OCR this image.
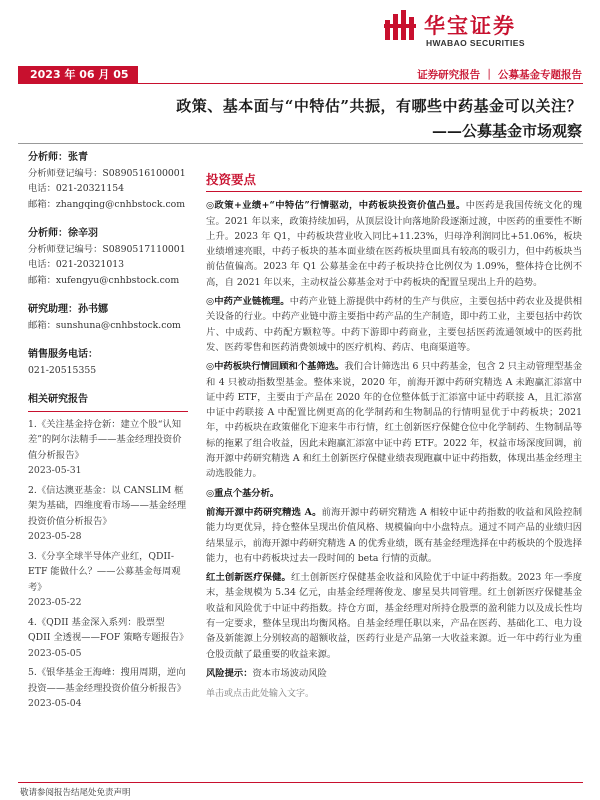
华宝证券
HWABAO SECURITIES
2023 年 06 月 05 日
证券研究报告 ｜ 公募基金专题报告
政策、基本面与“中特估”共振，有哪些中药基金可以关注？
——公募基金市场观察
分析师：张青
分析师登记编号：S0890516100001
电话：021-20321154
邮箱：zhangqing@cnhbstock.com
分析师：徐辛羽
分析师登记编号：S0890517110001
电话：021-20321013
邮箱：xufengyu@cnhbstock.com
研究助理：孙书娜
邮箱：sunshuna@cnhbstock.com
销售服务电话：
021-20515355
相关研究报告
1.《关注基金持仓新：建立个股“认知差”的阿尔法精手——基金经理投资价值分析报告》
2023-05-31
2.《信达澳亚基金：以 CANSLIM 框架为基础，四维度看市场——基金经理投资价值分析报告》
2023-05-28
3.《分享全球半导体产业红，QDII-ETF 能做什么？——公募基金每周观考》
2023-05-22
4.《QDII 基金深入系列：股票型 QDII 全透视——FOF 策略专题报告》
2023-05-05
5.《银华基金王海峰：搜用周期，逆向投资——基金经理投资价值分析报告》
2023-05-04
投资要点
◎政策+业绩+“中特估”行情驱动，中药板块投资价值凸显。中医药是我国传统文化的瑰宝。2021 年以来，政策持续加码，从顶层设计向落地阶段逐渐过渡，中医药的重要性不断上升。2023 年 Q1，中药板块营业收入同比+11.23%，归母净利润同比+51.06%，板块业绩增速亮眼，中药子板块的基本面业绩在医药板块里面具有较高的吸引力，但中药板块当前估值偏高。2023 年 Q1 公募基金在中药子板块持仓比例仅为 1.09%，整体持仓比例不高，自 2021 年以来，主动权益公募基金对于中药板块的配置呈现出上升的趋势。
◎中药产业链梳理。中药产业链上游提供中药材的生产与供应，主要包括中药农业及提供相关设备的行业。中药产业链中游主要指中药产品的生产制造，即中药工业，主要包括中药饮片、中成药、中药配方颗粒等。中药下游即中药商业，主要包括医药流通领域中的医药批发、医药零售和医药消费领域中的医疗机构、药店、电商渠道等。
◎中药板块行情回顾和个基筛选。我们合计筛选出 6 只中药基金，包含 2 只主动管理型基金和 4 只被动指数型基金。整体来说，2020 年，前海开源中药研究精选 A 未跑赢汇添富中证中药 ETF，主要由于产品在 2020 年的仓位整体低于汇添富中证中药联接 A，且汇添富中证中药联接 A 中配置比例更高的化学制药和生物制品的行情明显优于中药板块；2021 年，中药板块在政策催化下迎来牛市行情，红土创新医疗保健仓位中化学制药、生物制品等标的拖累了组合收益，因此未跑赢汇添富中证中药 ETF。2022 年，权益市场深度回调，前海开源中药研究精选 A 和红土创新医疗保健业绩表现跑赢中证中药指数，体现出基金经理主动选股能力。
◎重点个基分析。
前海开源中药研究精选 A。前海开源中药研究精选 A 相较中证中药指数的收益和风险控制能力均更优异，持仓整体呈现出价值风格、规模偏向中小盘特点。通过不同产品的业绩归因结果显示，前海开源中药研究精选 A 的优秀业绩，既有基金经理选择在中药板块的个股选择能力，也有中药板块过去一段时间的 beta 行情的贡献。
红土创新医疗保健。红土创新医疗保健基金收益和风险优于中证中药指数。2023 年一季度末，基金规模为 5.34 亿元，由基金经理蒋俊龙、廖星昊共同管理。红土创新医疗保健基金收益和风险优于中证中药指数。持仓方面，基金经理对所持仓股票的盈利能力以及成长性均有一定要求，整体呈现出均衡风格。自基金经理任职以来，产品在医药、基础化工、电力设备及新能源上分别较高的超额收益，医药行业是产品第一大收益来源。近一年中药行业为重仓股贡献了最重要的收益来源。
风险提示：资本市场波动风险
单击或点击此处输入文字。
敬请参阅报告结尾处免责声明
